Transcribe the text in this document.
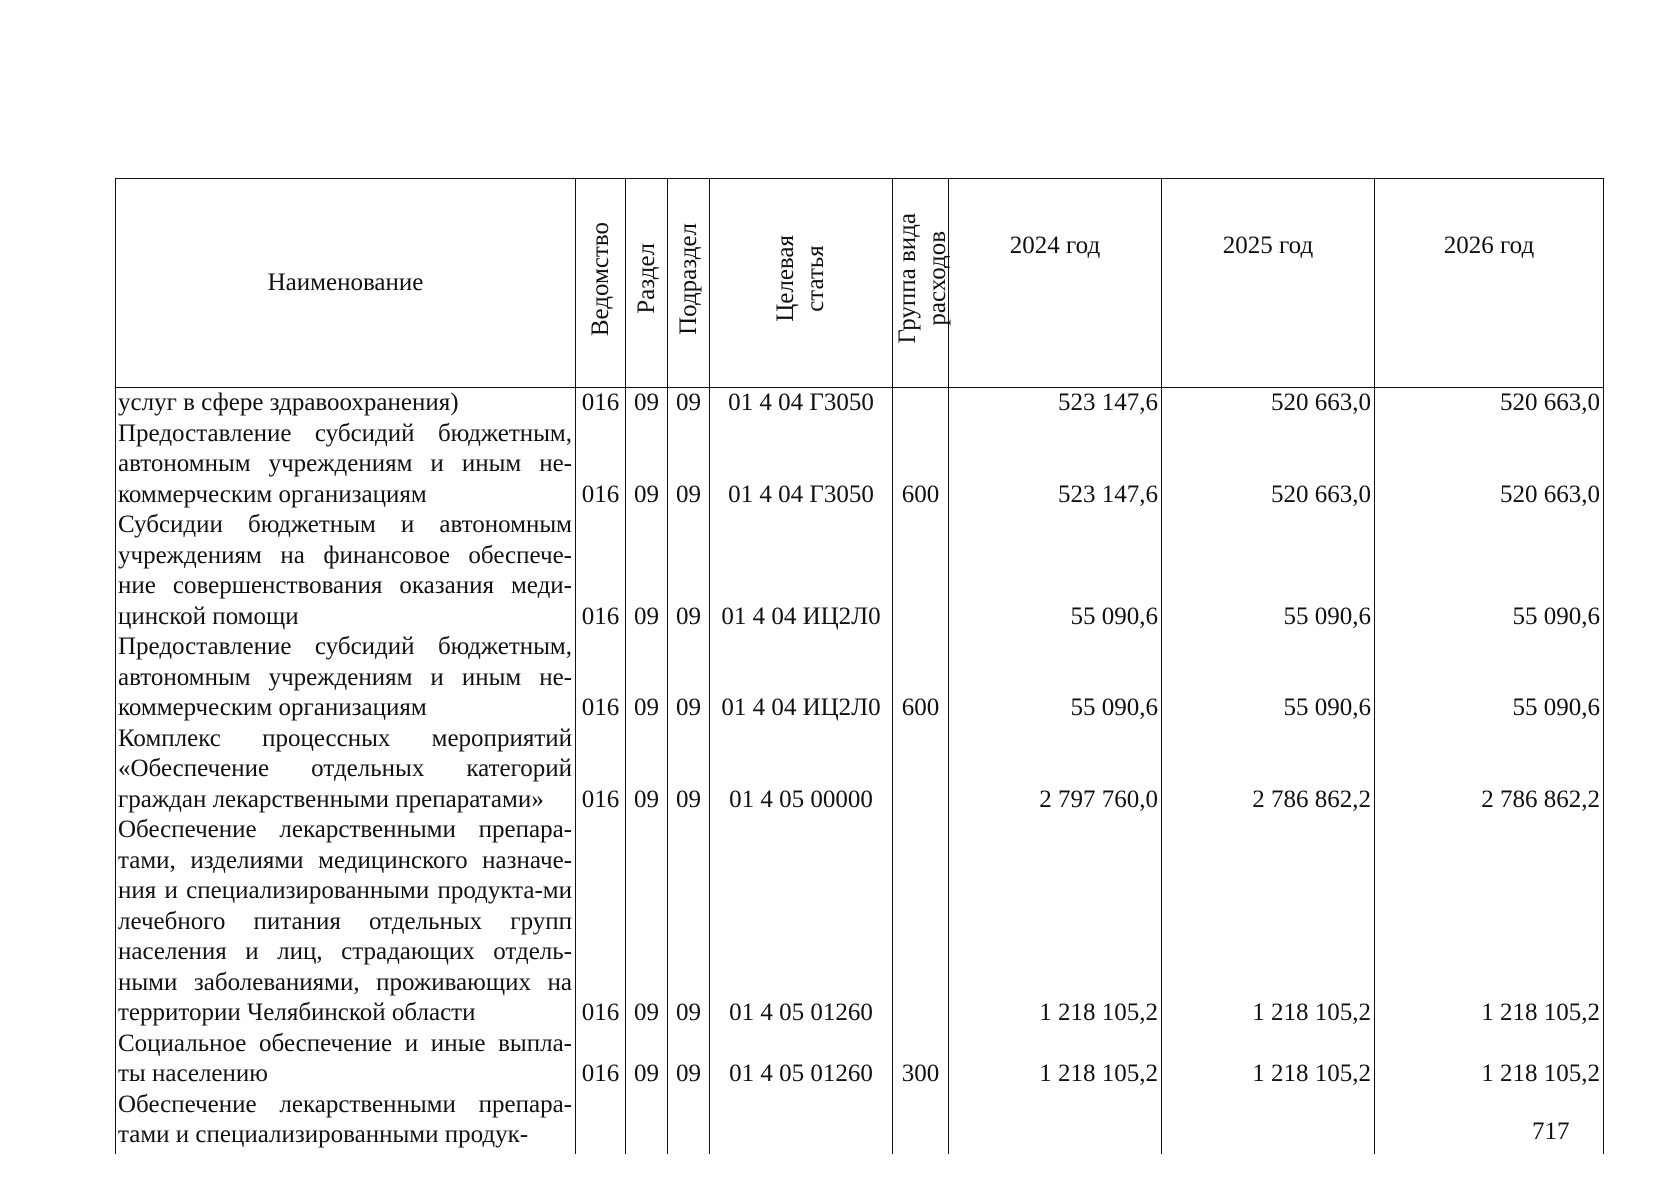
Наименование	Ведомство	Раздел	Подраздел	Целевая статья	Группа вида расходов	2024 год	2025 год	2026 год
услуг в сфере здравоохранения)	016	09	09	01 4 04 Г3050		523 147,6	520 663,0	520 663,0
Предоставление субсидий бюджетным, автономным учреждениям и иным не-коммерческим организациям	016	09	09	01 4 04 Г3050	600	523 147,6	520 663,0	520 663,0
Субсидии бюджетным и автономным учреждениям на финансовое обеспече-ние совершенствования оказания меди-цинской помощи	016	09	09	01 4 04 ИЦ2Л0		55 090,6	55 090,6	55 090,6
Предоставление субсидий бюджетным, автономным учреждениям и иным не-коммерческим организациям	016	09	09	01 4 04 ИЦ2Л0	600	55 090,6	55 090,6	55 090,6
Комплекс процессных мероприятий «Обеспечение отдельных категорий граждан лекарственными препаратами»	016	09	09	01 4 05 00000		2 797 760,0	2 786 862,2	2 786 862,2
Обеспечение лекарственными препара-тами, изделиями медицинского назначе-ния и специализированными продукта-ми лечебного питания отдельных групп населения и лиц, страдающих отдель-ными заболеваниями, проживающих на территории Челябинской области	016	09	09	01 4 05 01260		1 218 105,2	1 218 105,2	1 218 105,2
Социальное обеспечение и иные выпла-ты населению	016	09	09	01 4 05 01260	300	1 218 105,2	1 218 105,2	1 218 105,2
Обеспечение лекарственными препара-тами и специализированными продук-									717
